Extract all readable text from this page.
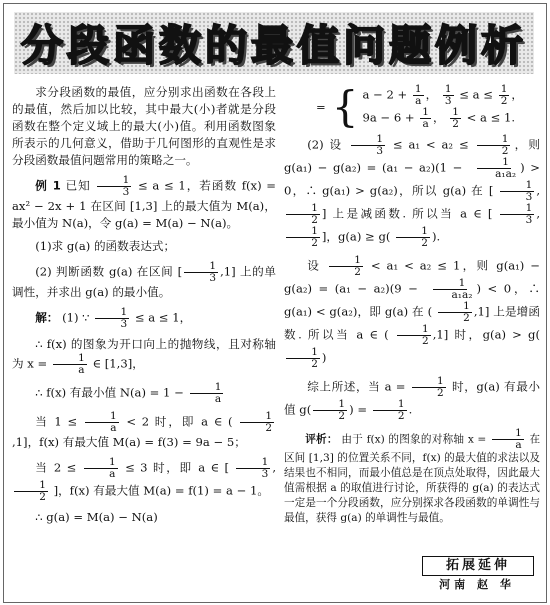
分段函数的最值问题例析

求分段函数的最值，应分别求出函数在各段上的最值，然后加以比较，其中最大(小)者就是分段函数在整个定义域上的最大(小)值。利用函数图象所表示的几何意义，借助于几何图形的直观性是求分段函数最值问题常用的策略之一。

例 1 已知 $\frac{1}{3} \le a \le 1$，若函数 f(x) = ax² − 2x + 1 在区间 [1,3] 上的最大值为 M(a)，最小值为 N(a)，令 g(a) = M(a) − N(a)。

(1)求 g(a) 的函数表达式；

(2) 判断函数 g(a) 在区间 [ $\frac{1}{3} ,1$] 上的单调性，并求出 g(a) 的最小值。

解： (1) ∵ $\frac{1}{3} \le a \le 1$，

∴ f(x) 的图象为开口向上的抛物线，且对称轴为 $x = \frac{1}{a}$ ∈ [1,3]，

∴ f(x) 有最小值 $N(a) = 1 - \frac{1}{a}$

当 $1 \le \frac{1}{a} < 2$ 时，即 a ∈ ( $\frac{1}{2}$
,1]，f(x) 有最大值 M(a) = f(3) = 9a − 5；

当 $2 \le \frac{1}{a} \le 3$ 时，即 a ∈ [ $\frac{1}{3}$ ,
$\frac{1}{2}$ ]，f(x) 有最大值 M(a) = f(1) = a − 1。

∴ g(a) = M(a) − N(a)

= { $a - 2 + \frac{1}{a}$ ， $\frac{1}{3} \le a \le \frac{1}{2}$ ，
$9a - 6 + \frac{1}{a}$ ， $\frac{1}{2} < a \le 1$.

(2) 设 $\frac{1}{3} \le a_1 < a_2 \le \frac{1}{2}$ ，则 $g(a_1) - g(a_2) = (a_1 - a_2)(1 - \frac{1}{\text{a₁a₂}}$ ) > 0，∴ g(a₁) > g(a₂)，所以 g(a) 在 [ $\frac{1}{3}$ ,
$\frac{1}{2}$ ] 上是减函数. 所以当 a ∈ [ $\frac{1}{3}$ ,
$\frac{1}{2}$ ]，$g(a) \ge g( \frac{1}{2}$ ).

设 $\frac{1}{2} < a_1 < a_2 \le 1$，则 $g(a_1) - g(a_2) = (a_1 - a_2)(9 - \frac{1}{\text{a₁a₂}}$ ) < 0，∴ g(a₁) < g(a₂)，即 g(a) 在 ( $\frac{1}{2} ,1$] 上是增函数. 所以当 a ∈ ( $\frac{1}{2} ,1$] 时，g(a) > g(
$\frac{1}{2}$ )

综上所述，当 $a = \frac{1}{2}$ 时，g(a) 有最小值 $g( \frac{1}{2}$ ) = $\frac{1}{2}$ .

评析： 由于 f(x) 的图象的对称轴 $x = \frac{1}{a}$ 在区间 [1,3] 的位置关系不同，f(x) 的最大值的求法以及结果也不相同，而最小值总是在顶点处取得，因此最大值需根据 a 的取值进行讨论，所获得的 g(a) 的表达式一定是一个分段函数，应分别探求各段函数的单调性与最值，获得 g(a) 的单调性与最值。

拓展延伸
河南 赵 华
